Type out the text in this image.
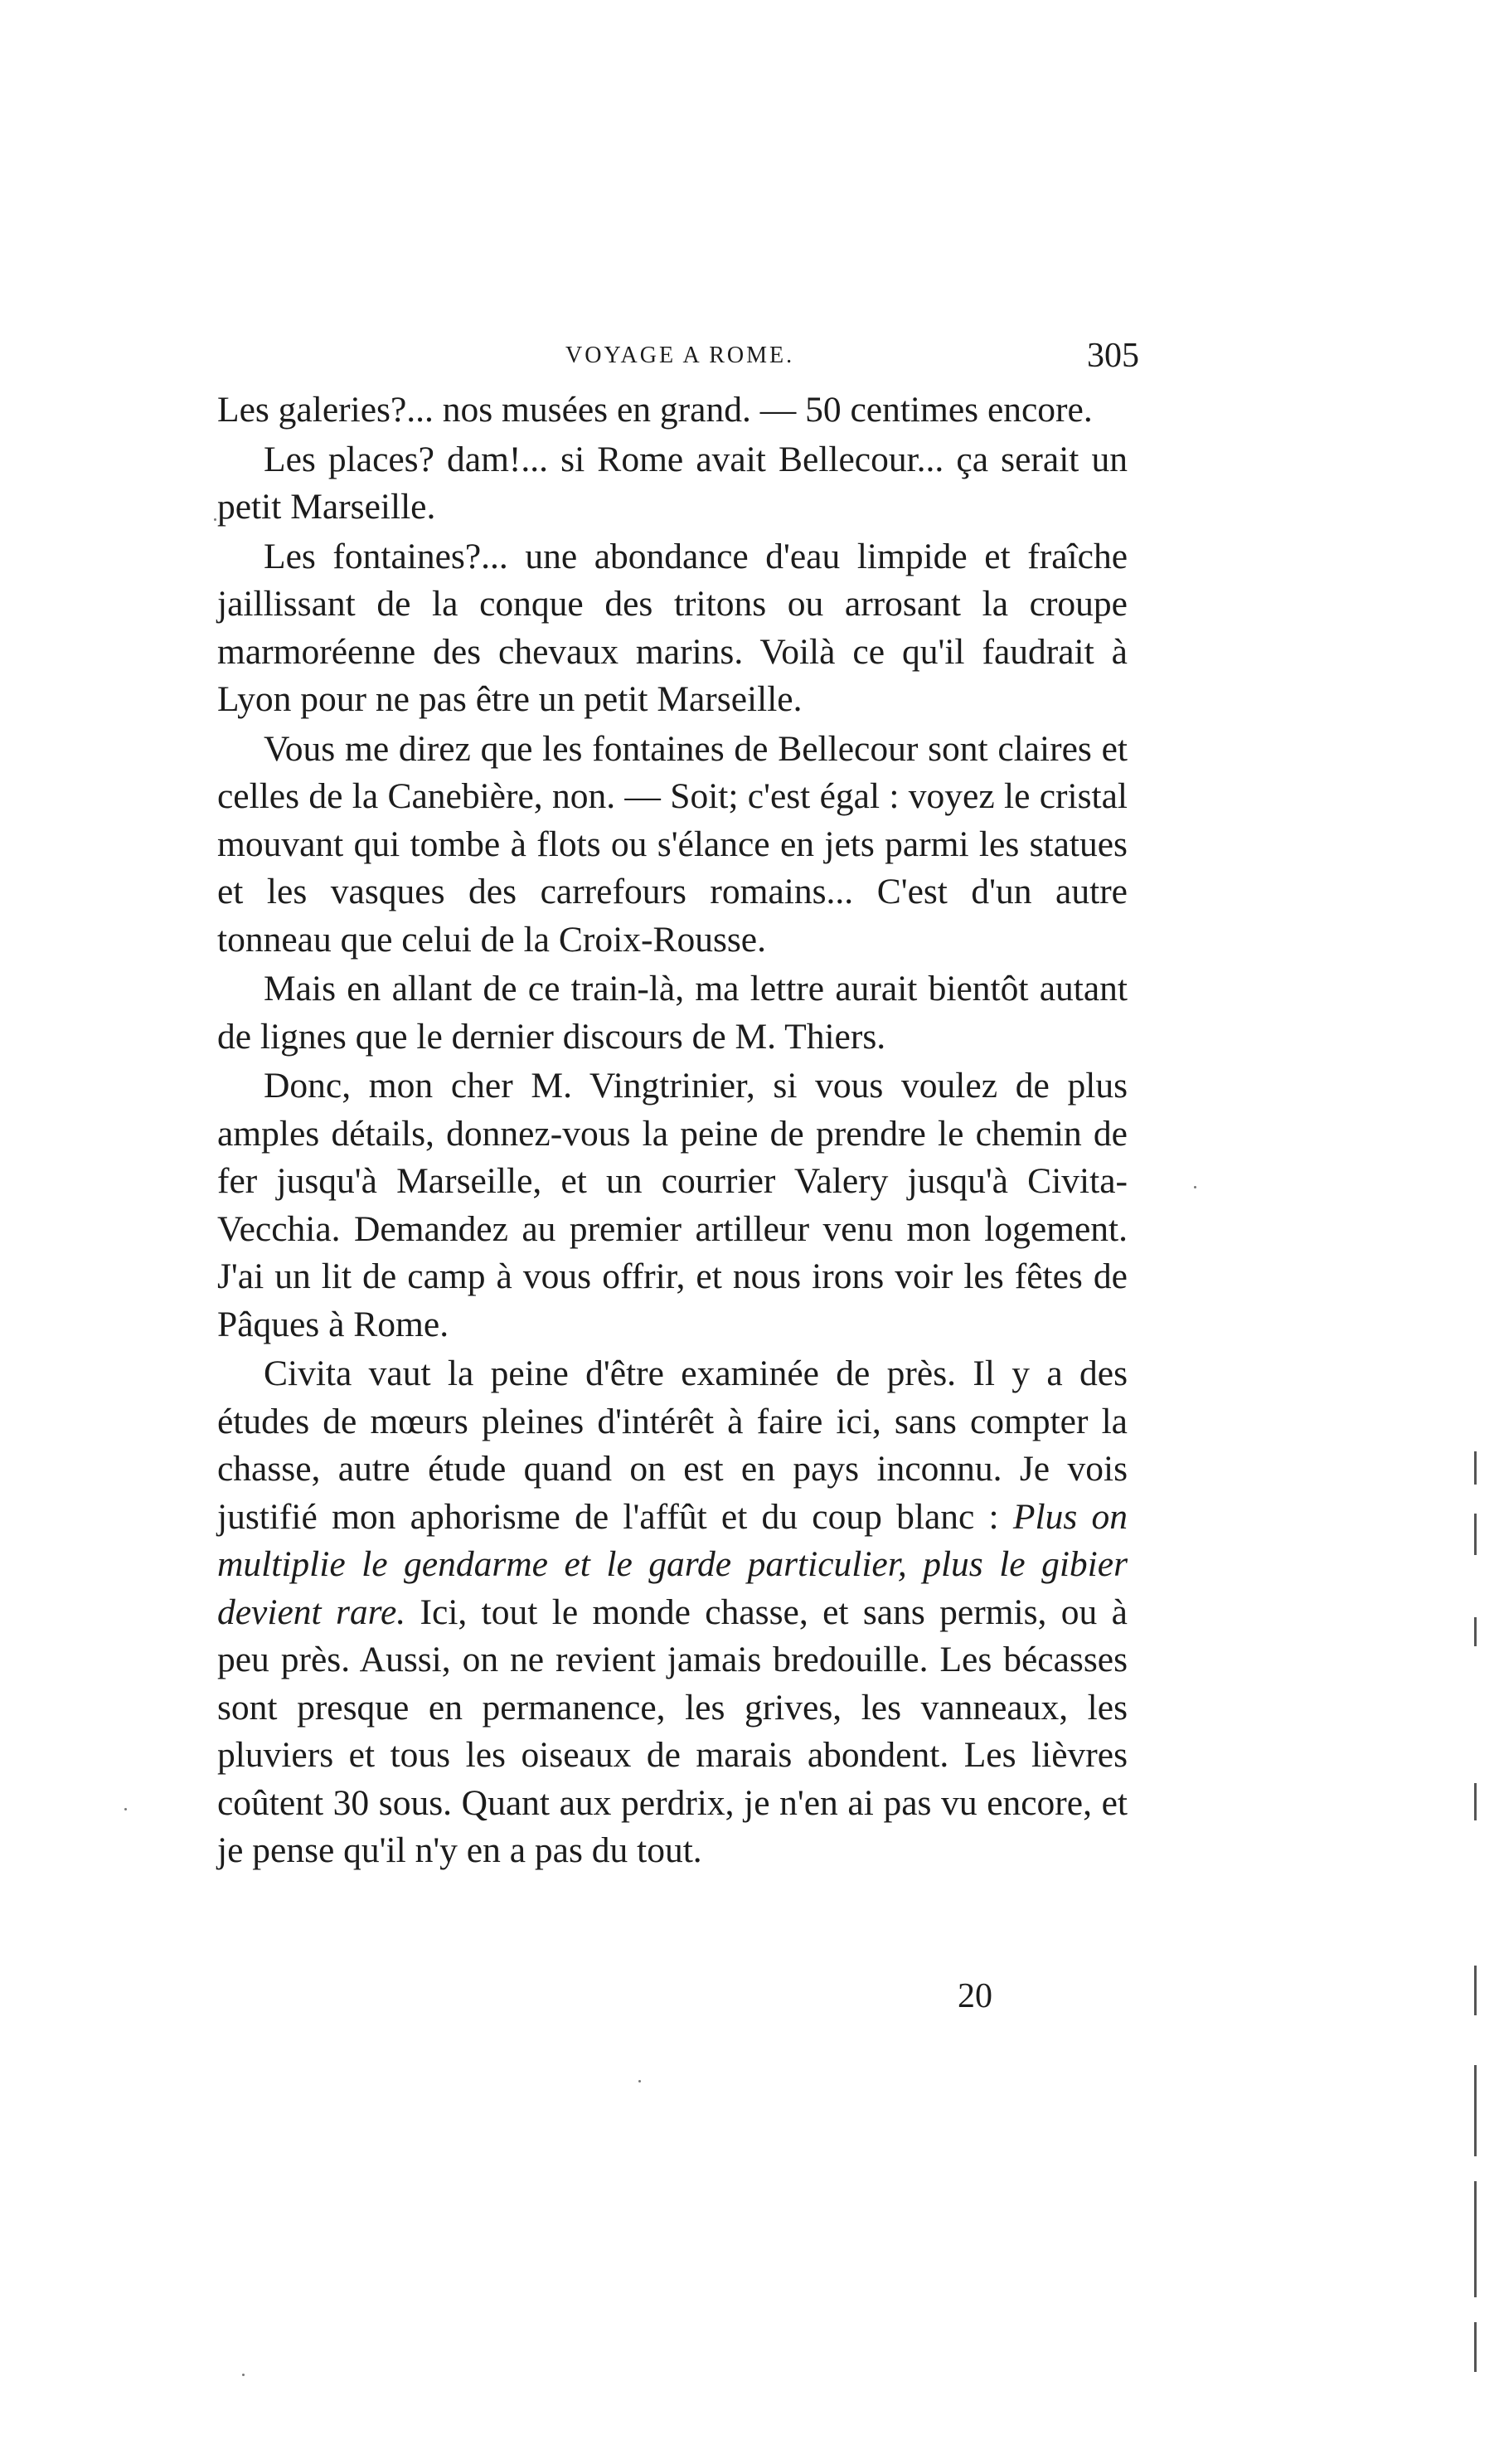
VOYAGE A ROME.	305

Les galeries?... nos musées en grand. — 50 centimes encore.

Les places? dam!... si Rome avait Bellecour... ça serait un petit Marseille.

Les fontaines?... une abondance d'eau limpide et fraîche jaillissant de la conque des tritons ou arrosant la croupe marmoréenne des chevaux marins. Voilà ce qu'il faudrait à Lyon pour ne pas être un petit Marseille.

Vous me direz que les fontaines de Bellecour sont claires et celles de la Canebière, non. — Soit; c'est égal : voyez le cristal mouvant qui tombe à flots ou s'élance en jets parmi les statues et les vasques des carrefours romains... C'est d'un autre tonneau que celui de la Croix-Rousse.

Mais en allant de ce train-là, ma lettre aurait bientôt autant de lignes que le dernier discours de M. Thiers.

Donc, mon cher M. Vingtrinier, si vous voulez de plus amples détails, donnez-vous la peine de prendre le chemin de fer jusqu'à Marseille, et un courrier Valery jusqu'à Civita-Vecchia. Demandez au premier artilleur venu mon logement. J'ai un lit de camp à vous offrir, et nous irons voir les fêtes de Pâques à Rome.

Civita vaut la peine d'être examinée de près. Il y a des études de mœurs pleines d'intérêt à faire ici, sans compter la chasse, autre étude quand on est en pays inconnu. Je vois justifié mon aphorisme de l'affût et du coup blanc : Plus on multiplie le gendarme et le garde particulier, plus le gibier devient rare. Ici, tout le monde chasse, et sans permis, ou à peu près. Aussi, on ne revient jamais bredouille. Les bécasses sont presque en permanence, les grives, les vanneaux, les pluviers et tous les oiseaux de marais abondent. Les lièvres coûtent 30 sous. Quant aux perdrix, je n'en ai pas vu encore, et je pense qu'il n'y en a pas du tout.

20
